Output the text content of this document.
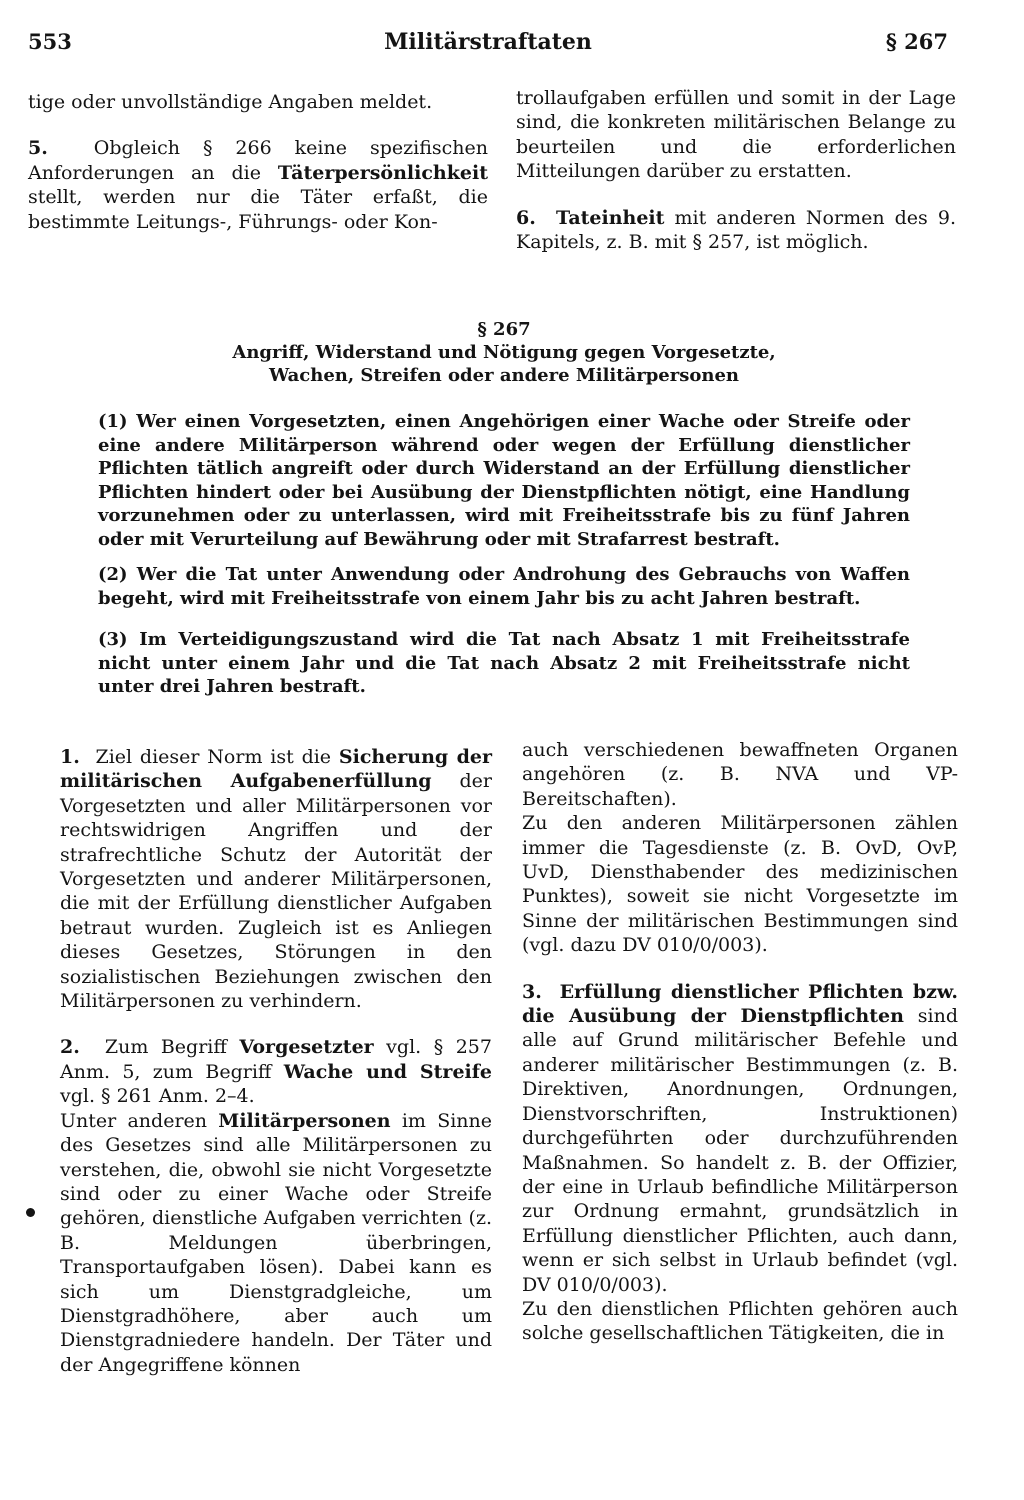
553	Militärstraftaten	§ 267

tige oder unvollständige Angaben meldet.

5. Obgleich § 266 keine spezifischen Anforderungen an die Täterpersönlichkeit stellt, werden nur die Täter erfaßt, die bestimmte Leitungs-, Führungs- oder Kon-

trollaufgaben erfüllen und somit in der Lage sind, die konkreten militärischen Belange zu beurteilen und die erforderlichen Mitteilungen darüber zu erstatten.

6. Tateinheit mit anderen Normen des 9. Kapitels, z. B. mit § 257, ist möglich.

§ 267
Angriff, Widerstand und Nötigung gegen Vorgesetzte,
Wachen, Streifen oder andere Militärpersonen
(1) Wer einen Vorgesetzten, einen Angehörigen einer Wache oder Streife oder eine andere Militärperson während oder wegen der Erfüllung dienstlicher Pflichten tätlich angreift oder durch Widerstand an der Erfüllung dienstlicher Pflichten hindert oder bei Ausübung der Dienstpflichten nötigt, eine Handlung vorzunehmen oder zu unterlassen, wird mit Freiheitsstrafe bis zu fünf Jahren oder mit Verurteilung auf Bewährung oder mit Strafarrest bestraft.
(2) Wer die Tat unter Anwendung oder Androhung des Gebrauchs von Waffen begeht, wird mit Freiheitsstrafe von einem Jahr bis zu acht Jahren bestraft.
(3) Im Verteidigungszustand wird die Tat nach Absatz 1 mit Freiheitsstrafe nicht unter einem Jahr und die Tat nach Absatz 2 mit Freiheitsstrafe nicht unter drei Jahren bestraft.

1. Ziel dieser Norm ist die Sicherung der militärischen Aufgabenerfüllung der Vorgesetzten und aller Militärpersonen vor rechtswidrigen Angriffen und der strafrechtliche Schutz der Autorität der Vorgesetzten und anderer Militärpersonen, die mit der Erfüllung dienstlicher Aufgaben betraut wurden. Zugleich ist es Anliegen dieses Gesetzes, Störungen in den sozialistischen Beziehungen zwischen den Militärpersonen zu verhindern.

2. Zum Begriff Vorgesetzter vgl. § 257 Anm. 5, zum Begriff Wache und Streife vgl. § 261 Anm. 2–4.

Unter anderen Militärpersonen im Sinne des Gesetzes sind alle Militärpersonen zu verstehen, die, obwohl sie nicht Vorgesetzte sind oder zu einer Wache oder Streife gehören, dienstliche Aufgaben verrichten (z. B. Meldungen überbringen, Transportaufgaben lösen). Dabei kann es sich um Dienstgradgleiche, um Dienstgradhöhere, aber auch um Dienstgradniedere handeln. Der Täter und der Angegriffene können

auch verschiedenen bewaffneten Organen angehören (z. B. NVA und VP-Bereitschaften).

Zu den anderen Militärpersonen zählen immer die Tagesdienste (z. B. OvD, OvP, UvD, Diensthabender des medizinischen Punktes), soweit sie nicht Vorgesetzte im Sinne der militärischen Bestimmungen sind (vgl. dazu DV 010/0/003).

3. Erfüllung dienstlicher Pflichten bzw. die Ausübung der Dienstpflichten sind alle auf Grund militärischer Befehle und anderer militärischer Bestimmungen (z. B. Direktiven, Anordnungen, Ordnungen, Dienstvorschriften, Instruktionen) durchgeführten oder durchzuführenden Maßnahmen. So handelt z. B. der Offizier, der eine in Urlaub befindliche Militärperson zur Ordnung ermahnt, grundsätzlich in Erfüllung dienstlicher Pflichten, auch dann, wenn er sich selbst in Urlaub befindet (vgl. DV 010/0/003).

Zu den dienstlichen Pflichten gehören auch solche gesellschaftlichen Tätigkeiten, die in
